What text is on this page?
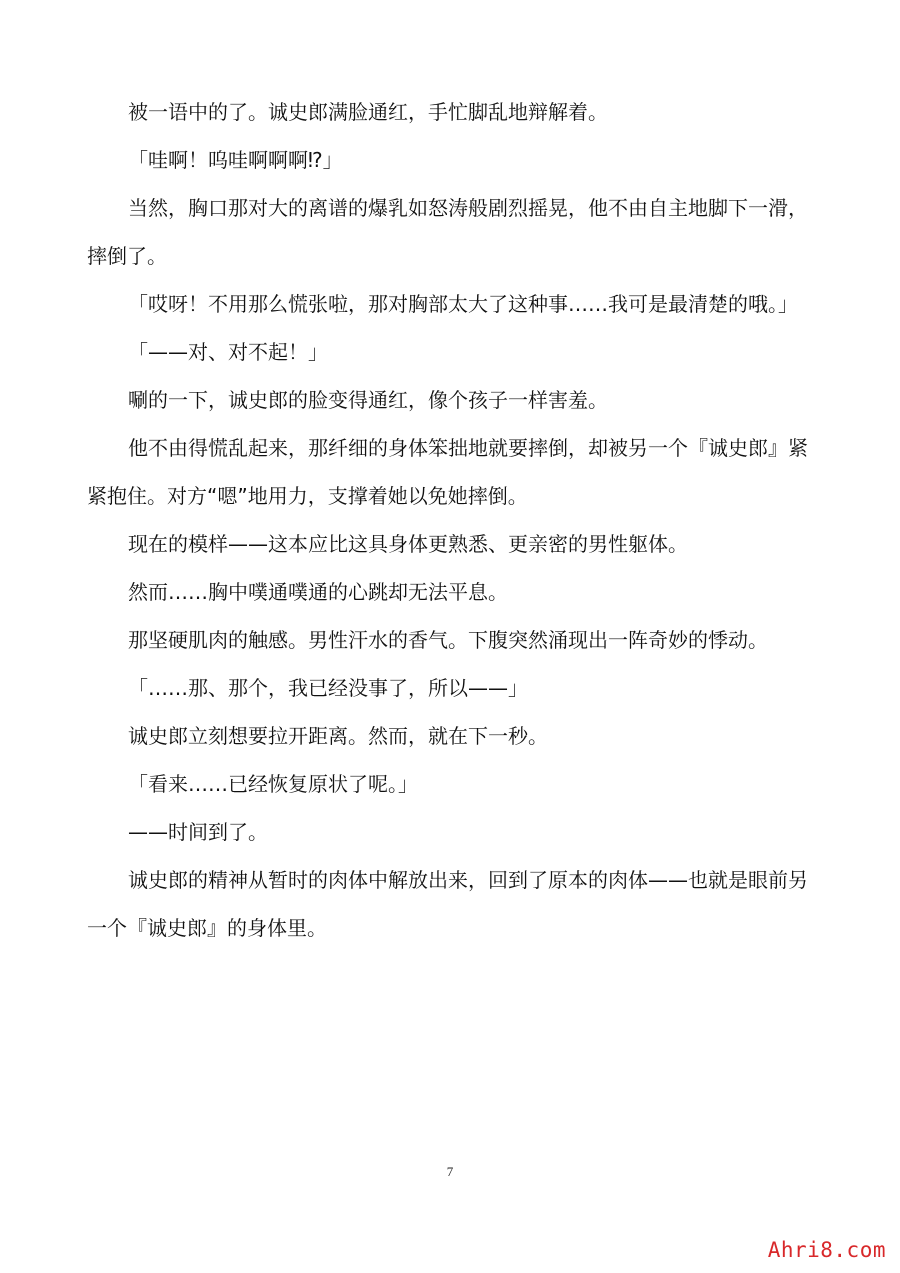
被一语中的了。诚史郎满脸通红，手忙脚乱地辩解着。

「哇啊！呜哇啊啊啊⁉」

当然，胸口那对大的离谱的爆乳如怒涛般剧烈摇晃，他不由自主地脚下一滑，摔倒了。

「哎呀！不用那么慌张啦，那对胸部太大了这种事……我可是最清楚的哦。」

「——对、对不起！」

唰的一下，诚史郎的脸变得通红，像个孩子一样害羞。

他不由得慌乱起来，那纤细的身体笨拙地就要摔倒，却被另一个『诚史郎』紧紧抱住。对方“嗯”地用力，支撑着她以免她摔倒。

现在的模样——这本应比这具身体更熟悉、更亲密的男性躯体。

然而……胸中噗通噗通的心跳却无法平息。

那坚硬肌肉的触感。男性汗水的香气。下腹突然涌现出一阵奇妙的悸动。

「……那、那个，我已经没事了，所以——」

诚史郎立刻想要拉开距离。然而，就在下一秒。

「看来……已经恢复原状了呢。」

——时间到了。

诚史郎的精神从暂时的肉体中解放出来，回到了原本的肉体——也就是眼前另一个『诚史郎』的身体里。

7
Ahri8.com
